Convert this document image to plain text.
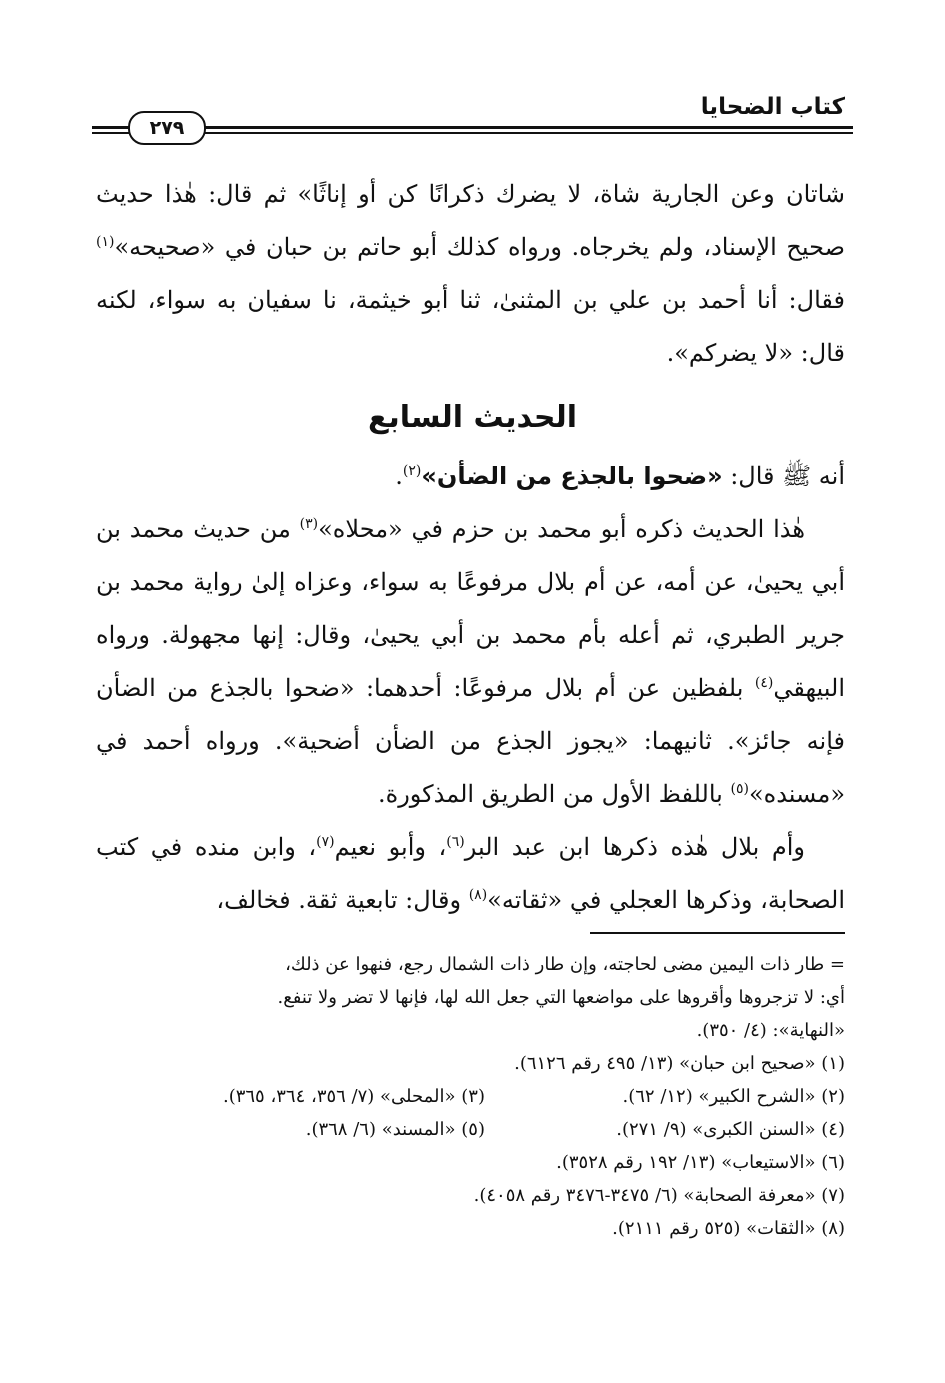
كتاب الضحايا
٢٧٩

شاتان وعن الجارية شاة، لا يضرك ذكرانًا كن أو إناثًا» ثم قال: هٰذا حديث صحيح الإسناد، ولم يخرجاه. ورواه كذلك أبو حاتم بن حبان في «صحيحه»$^{(١)}$ فقال: أنا أحمد بن علي بن المثنىٰ، ثنا أبو خيثمة، نا سفيان به سواء، لكنه قال: «لا يضركم».

الحديث السابع
أنه ﷺ قال: «ضحوا بالجذع من الضأن»$^{(٢)}$.

هٰذا الحديث ذكره أبو محمد بن حزم في «محلاه»$^{(٣)}$ من حديث محمد بن أبي يحيىٰ، عن أمه، عن أم بلال مرفوعًا به سواء، وعزاه إلىٰ رواية محمد بن جرير الطبري، ثم أعله بأم محمد بن أبي يحيىٰ، وقال: إنها مجهولة. ورواه البيهقي$^{(٤)}$ بلفظين عن أم بلال مرفوعًا: أحدهما: «ضحوا بالجذع من الضأن فإنه جائز». ثانيهما: «يجوز الجذع من الضأن أضحية». ورواه أحمد في «مسنده»$^{(٥)}$ باللفظ الأول من الطريق المذكورة.

وأم بلال هٰذه ذكرها ابن عبد البر$^{(٦)}$، وأبو نعيم$^{(٧)}$، وابن منده في كتب الصحابة، وذكرها العجلي في «ثقاته»$^{(٨)}$ وقال: تابعية ثقة. فخالف،

= طار ذات اليمين مضى لحاجته، وإن طار ذات الشمال رجع، فنهوا عن ذلك،

أي: لا تزجروها وأقروها على مواضعها التي جعل الله لها، فإنها لا تضر ولا تنفع.

«النهاية»: (٤/ ٣٥٠).

(١) «صحيح ابن حبان» (١٣/ ٤٩٥ رقم ٦١٢٦).
(٢) «الشرح الكبير» (١٢/ ٦٢).
(٣) «المحلى» (٧/ ٣٥٦، ٣٦٤، ٣٦٥).
(٤) «السنن الكبرى» (٩/ ٢٧١).
(٥) «المسند» (٦/ ٣٦٨).
(٦) «الاستيعاب» (١٣/ ١٩٢ رقم ٣٥٢٨).
(٧) «معرفة الصحابة» (٦/ ٣٤٧٥-٣٤٧٦ رقم ٤٠٥٨).
(٨) «الثقات» (٥٢٥ رقم ٢١١١).
